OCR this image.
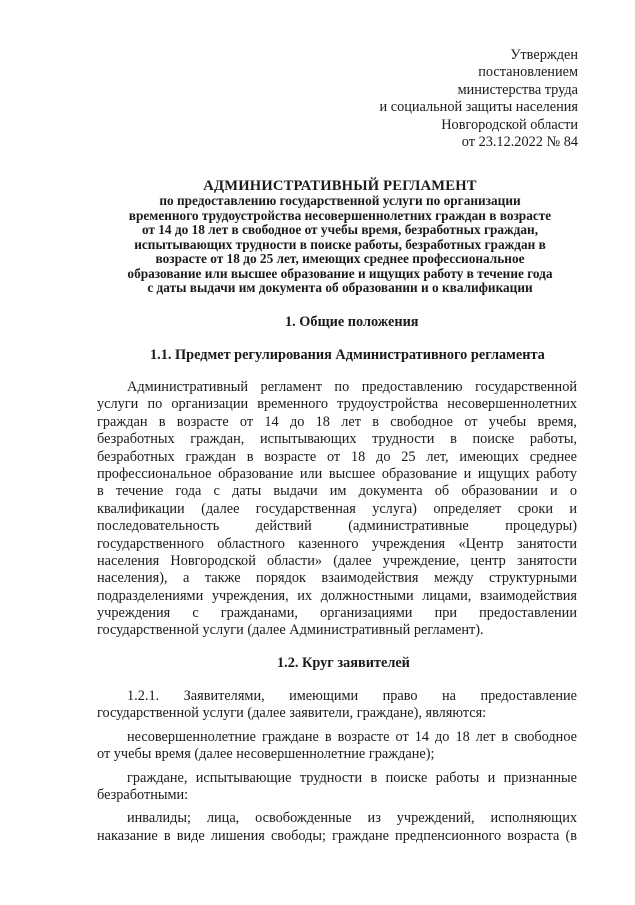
Утвержден
постановлением
министерства труда
и социальной защиты населения
Новгородской области
от 23.12.2022 № 84
АДМИНИСТРАТИВНЫЙ РЕГЛАМЕНТ
по предоставлению государственной услуги по организации
временного трудоустройства несовершеннолетних граждан в возрасте
от 14 до 18 лет в свободное от учебы время, безработных граждан,
испытывающих трудности в поиске работы, безработных граждан в
возрасте от 18 до 25 лет, имеющих среднее профессиональное
образование или высшее образование и ищущих работу в течение года
с даты выдачи им документа об образовании и о квалификации
1. Общие положения
1.1. Предмет регулирования Административного регламента
Административный регламент по предоставлению государственной
услуги по организации временного трудоустройства несовершеннолетних
граждан в возрасте от 14 до 18 лет в свободное от учебы время,
безработных граждан, испытывающих трудности в поиске работы,
безработных граждан в возрасте от 18 до 25 лет, имеющих среднее
профессиональное образование или высшее образование и ищущих работу
в течение года с даты выдачи им документа об образовании и о
квалификации (далее государственная услуга) определяет сроки и
последовательность действий (административные процедуры)
государственного областного казенного учреждения «Центр занятости
населения Новгородской области» (далее учреждение, центр занятости
населения), а также порядок взаимодействия между структурными
подразделениями учреждения, их должностными лицами, взаимодействия
учреждения с гражданами, организациями при предоставлении
государственной услуги (далее Административный регламент).
1.2. Круг заявителей
1.2.1. Заявителями, имеющими право на предоставление
государственной услуги (далее заявители, граждане), являются:
несовершеннолетние граждане в возрасте от 14 до 18 лет в свободное
от учебы время (далее несовершеннолетние граждане);
граждане, испытывающие трудности в поиске работы и признанные
безработными:
инвалиды; лица, освобожденные из учреждений, исполняющих
наказание в виде лишения свободы; граждане предпенсионного возраста (в
